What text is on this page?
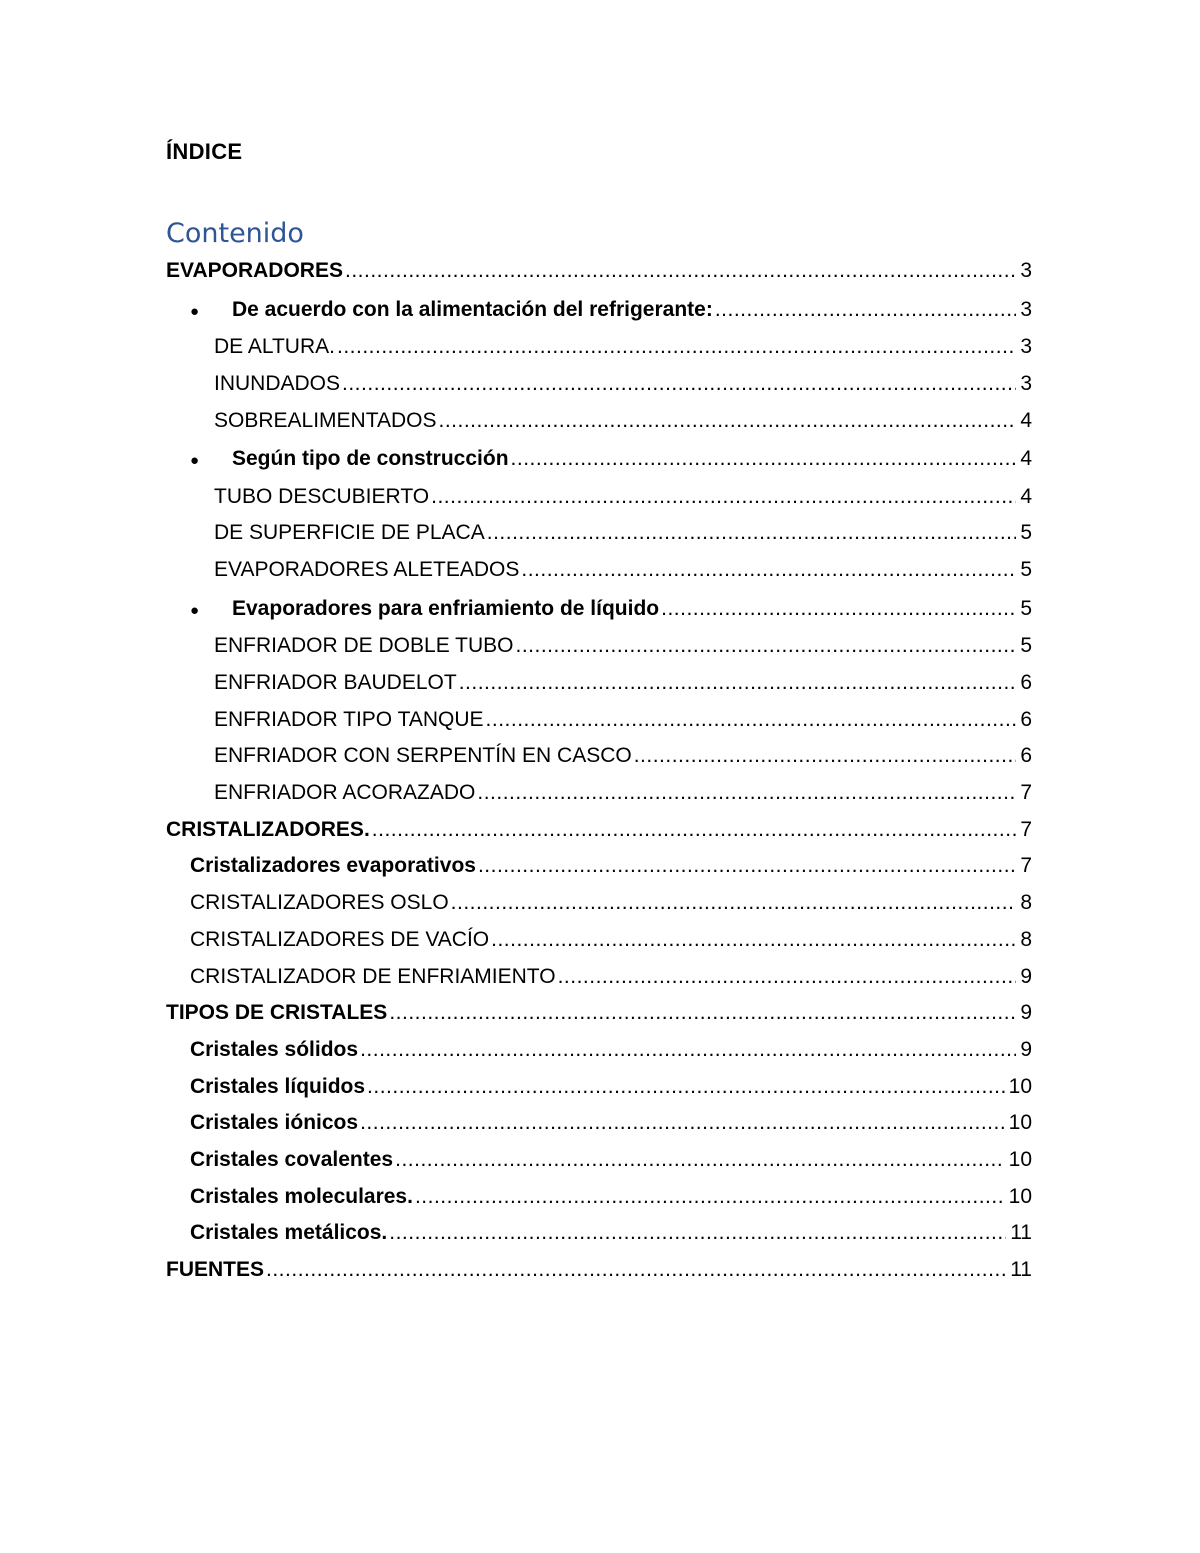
ÍNDICE
Contenido
EVAPORADORES .....	3
●	De acuerdo con la alimentación del refrigerante: .....	3
DE ALTURA. .....	3
INUNDADOS .....	3
SOBREALIMENTADOS .....	4
●	Según tipo de construcción .....	4
TUBO DESCUBIERTO .....	4
DE SUPERFICIE DE PLACA .....	5
EVAPORADORES ALETEADOS .....	5
●	Evaporadores para enfriamiento de líquido .....	5
ENFRIADOR DE DOBLE TUBO .....	5
ENFRIADOR BAUDELOT .....	6
ENFRIADOR TIPO TANQUE .....	6
ENFRIADOR CON SERPENTÍN EN CASCO .....	6
ENFRIADOR ACORAZADO .....	7
CRISTALIZADORES. .....	7
Cristalizadores evaporativos .....	7
CRISTALIZADORES OSLO .....	8
CRISTALIZADORES DE VACÍO .....	8
CRISTALIZADOR DE ENFRIAMIENTO .....	9
TIPOS DE CRISTALES .....	9
Cristales sólidos .....	9
Cristales líquidos .....	10
Cristales iónicos .....	10
Cristales covalentes .....	10
Cristales moleculares. .....	10
Cristales metálicos. .....	11
FUENTES .....	11
